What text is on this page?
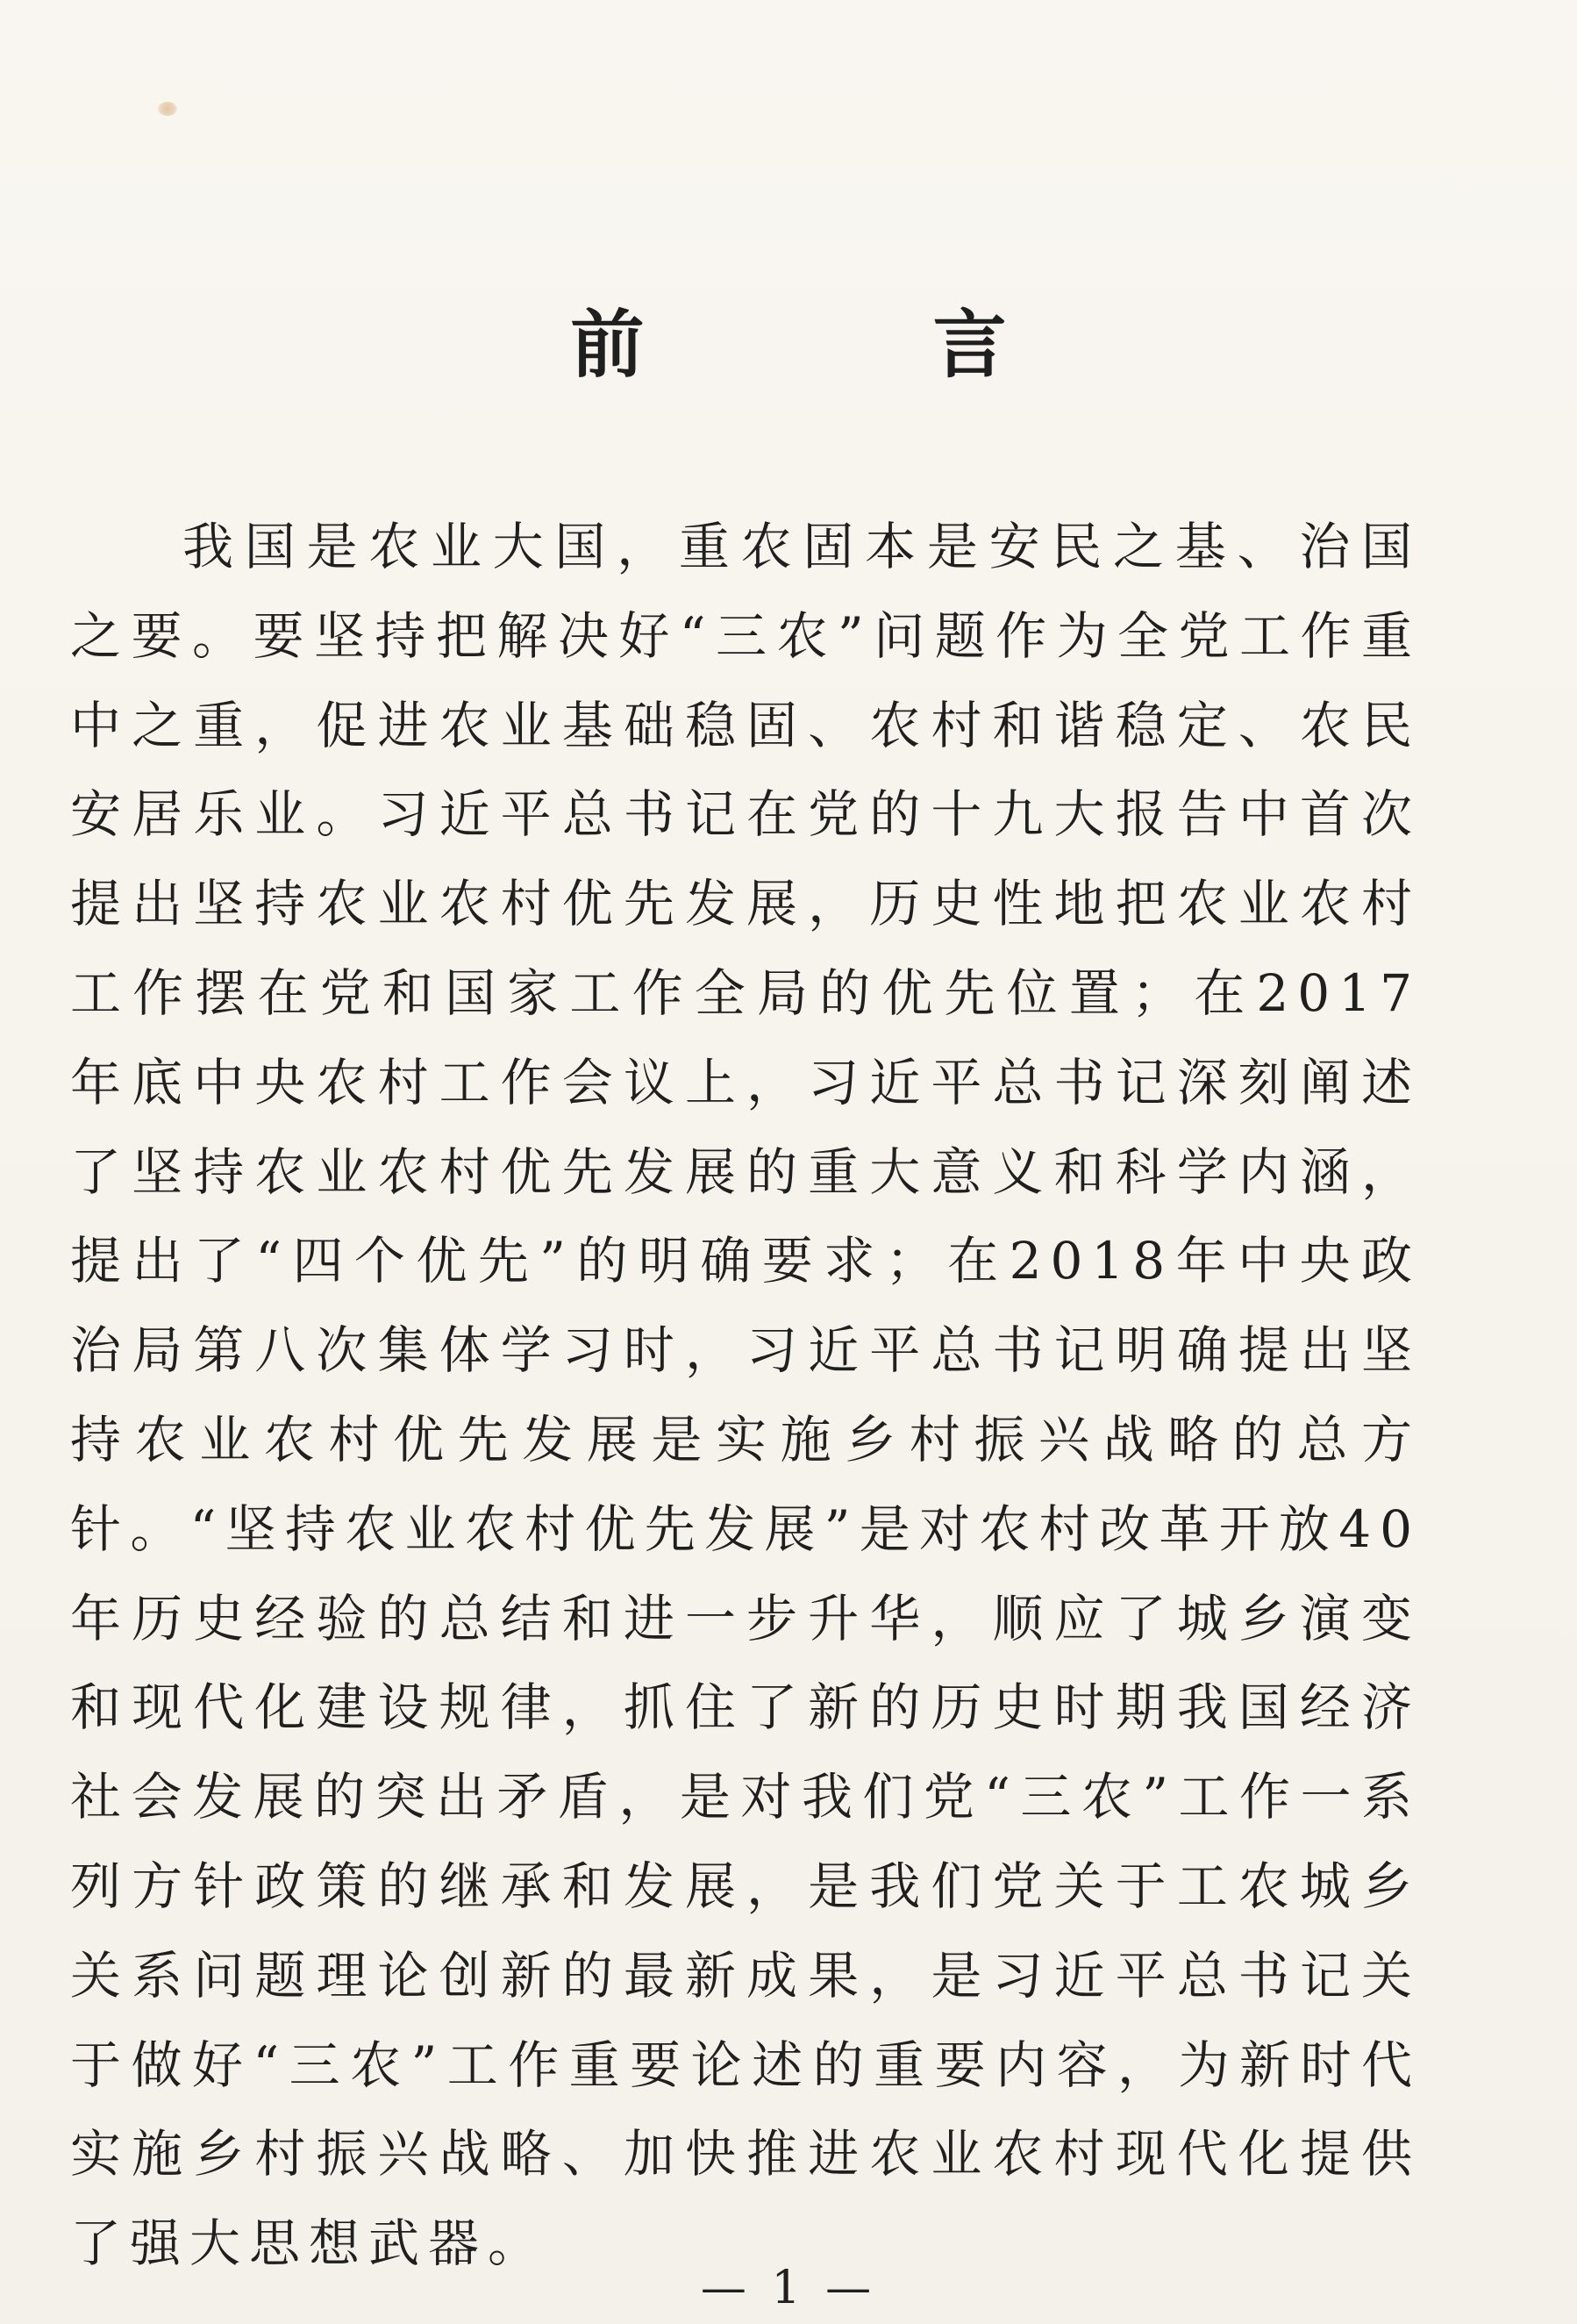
前 言
我国是农业大国，重农固本是安民之基、治国之要。要坚持把解决好“三农”问题作为全党工作重中之重，促进农业基础稳固、农村和谐稳定、农民安居乐业。习近平总书记在党的十九大报告中首次提出坚持农业农村优先发展，历史性地把农业农村工作摆在党和国家工作全局的优先位置；在2017年底中央农村工作会议上，习近平总书记深刻阐述了坚持农业农村优先发展的重大意义和科学内涵，提出了“四个优先”的明确要求；在2018年中央政治局第八次集体学习时，习近平总书记明确提出坚持农业农村优先发展是实施乡村振兴战略的总方针。“坚持农业农村优先发展”是对农村改革开放40年历史经验的总结和进一步升华，顺应了城乡演变和现代化建设规律，抓住了新的历史时期我国经济社会发展的突出矛盾，是对我们党“三农”工作一系列方针政策的继承和发展，是我们党关于工农城乡关系问题理论创新的最新成果，是习近平总书记关于做好“三农”工作重要论述的重要内容，为新时代实施乡村振兴战略、加快推进农业农村现代化提供了强大思想武器。
— 1 —
